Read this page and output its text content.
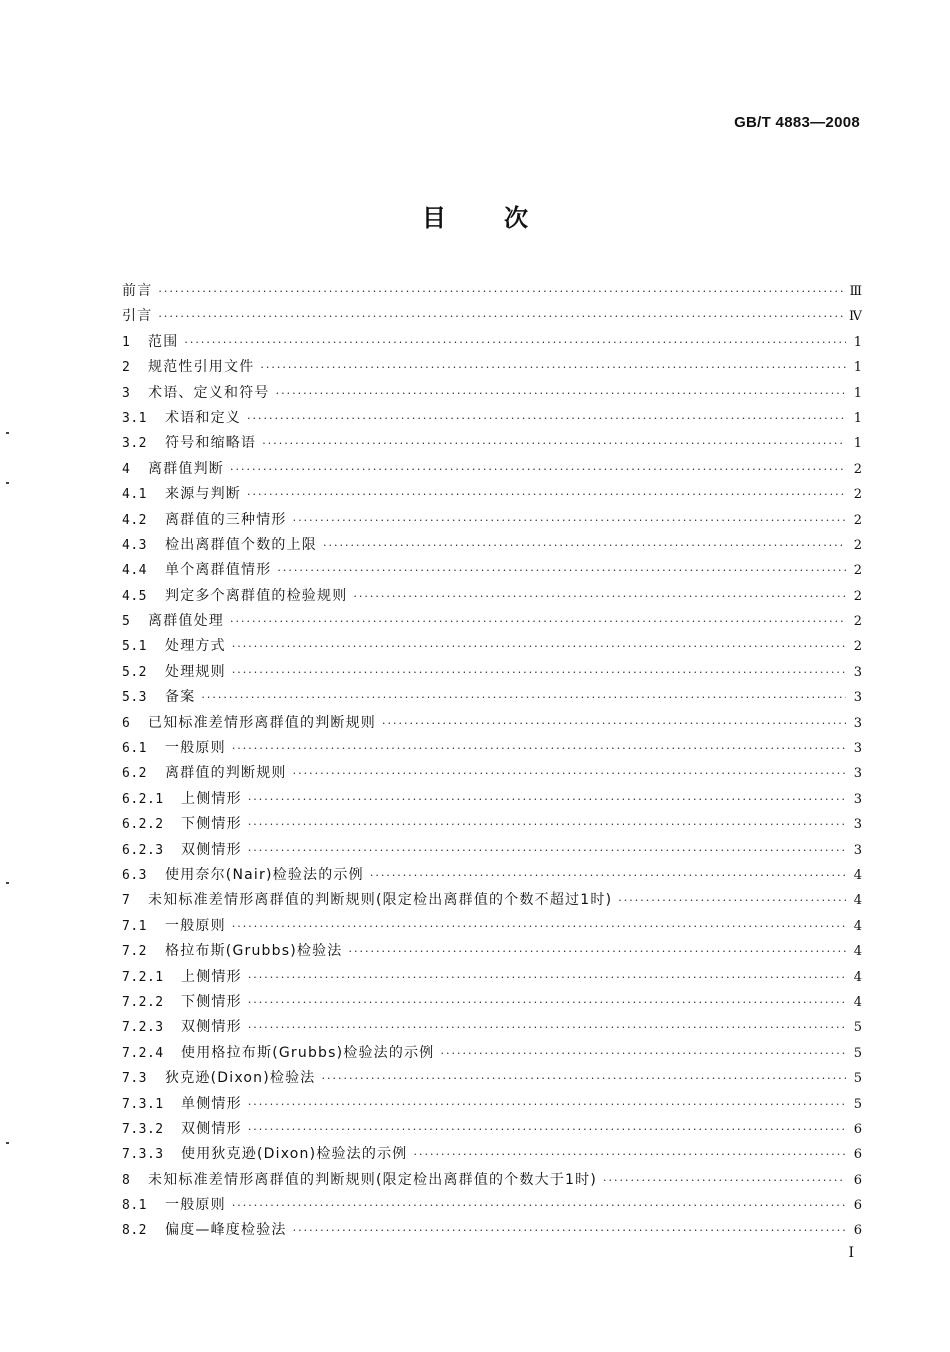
GB/T 4883—2008
目次
前言 ·····	Ⅲ
引言 ·····	Ⅳ
1	范围 ·····	1
2	规范性引用文件 ·····	1
3	术语、定义和符号 ·····	1
3.1	术语和定义 ·····	1
3.2	符号和缩略语 ·····	1
4	离群值判断 ·····	2
4.1	来源与判断 ·····	2
4.2	离群值的三种情形 ·····	2
4.3	检出离群值个数的上限 ·····	2
4.4	单个离群值情形 ·····	2
4.5	判定多个离群值的检验规则 ·····	2
5	离群值处理 ·····	2
5.1	处理方式 ·····	2
5.2	处理规则 ·····	3
5.3	备案 ·····	3
6	已知标准差情形离群值的判断规则 ·····	3
6.1	一般原则 ·····	3
6.2	离群值的判断规则 ·····	3
6.2.1	上侧情形 ·····	3
6.2.2	下侧情形 ·····	3
6.2.3	双侧情形 ·····	3
6.3	使用奈尔(Nair)检验法的示例 ·····	4
7	未知标准差情形离群值的判断规则(限定检出离群值的个数不超过1时) ·····	4
7.1	一般原则 ·····	4
7.2	格拉布斯(Grubbs)检验法 ·····	4
7.2.1	上侧情形 ·····	4
7.2.2	下侧情形 ·····	4
7.2.3	双侧情形 ·····	5
7.2.4	使用格拉布斯(Grubbs)检验法的示例 ·····	5
7.3	狄克逊(Dixon)检验法 ·····	5
7.3.1	单侧情形 ·····	5
7.3.2	双侧情形 ·····	6
7.3.3	使用狄克逊(Dixon)检验法的示例 ·····	6
8	未知标准差情形离群值的判断规则(限定检出离群值的个数大于1时) ·····	6
8.1	一般原则 ·····	6
8.2	偏度—峰度检验法 ·····	6
I
